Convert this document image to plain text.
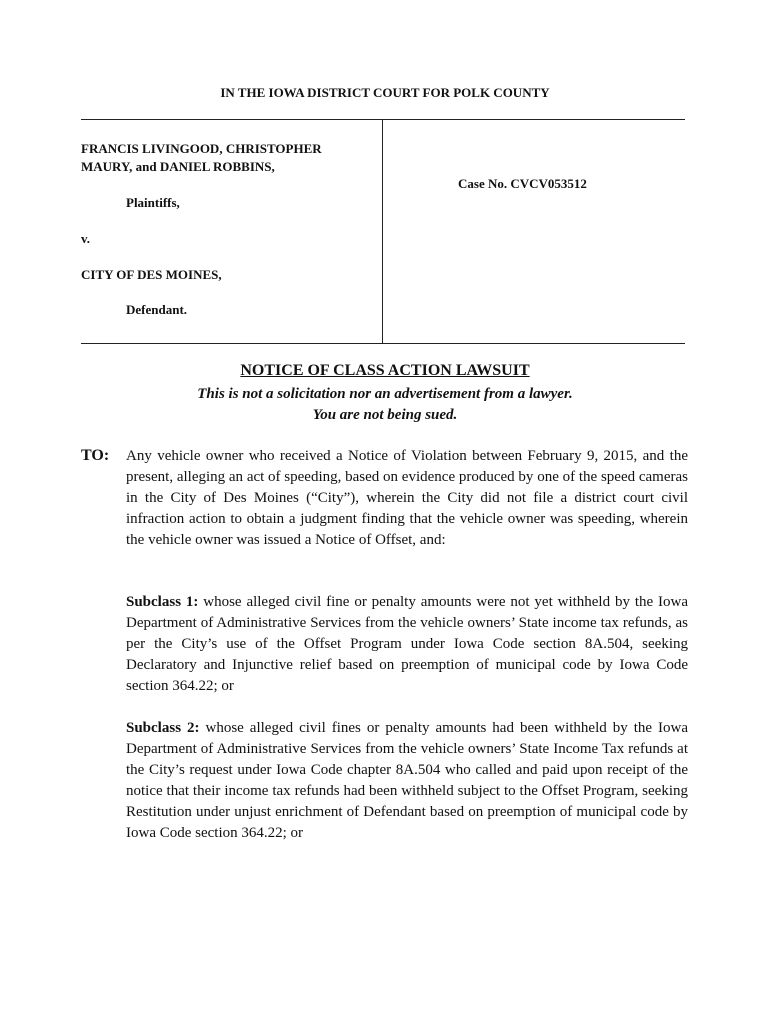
IN THE IOWA DISTRICT COURT FOR POLK COUNTY
FRANCIS LIVINGOOD, CHRISTOPHER MAURY, and DANIEL ROBBINS,
Plaintiffs,
v.
CITY OF DES MOINES,
Defendant.
Case No. CVCV053512
NOTICE OF CLASS ACTION LAWSUIT
This is not a solicitation nor an advertisement from a lawyer.
You are not being sued.
TO: Any vehicle owner who received a Notice of Violation between February 9, 2015, and the present, alleging an act of speeding, based on evidence produced by one of the speed cameras in the City of Des Moines (“City”), wherein the City did not file a district court civil infraction action to obtain a judgment finding that the vehicle owner was speeding, wherein the vehicle owner was issued a Notice of Offset, and:

Subclass 1: whose alleged civil fine or penalty amounts were not yet withheld by the Iowa Department of Administrative Services from the vehicle owners’ State income tax refunds, as per the City’s use of the Offset Program under Iowa Code section 8A.504, seeking Declaratory and Injunctive relief based on preemption of municipal code by Iowa Code section 364.22; or

Subclass 2: whose alleged civil fines or penalty amounts had been withheld by the Iowa Department of Administrative Services from the vehicle owners’ State Income Tax refunds at the City’s request under Iowa Code chapter 8A.504 who called and paid upon receipt of the notice that their income tax refunds had been withheld subject to the Offset Program, seeking Restitution under unjust enrichment of Defendant based on preemption of municipal code by Iowa Code section 364.22; or
